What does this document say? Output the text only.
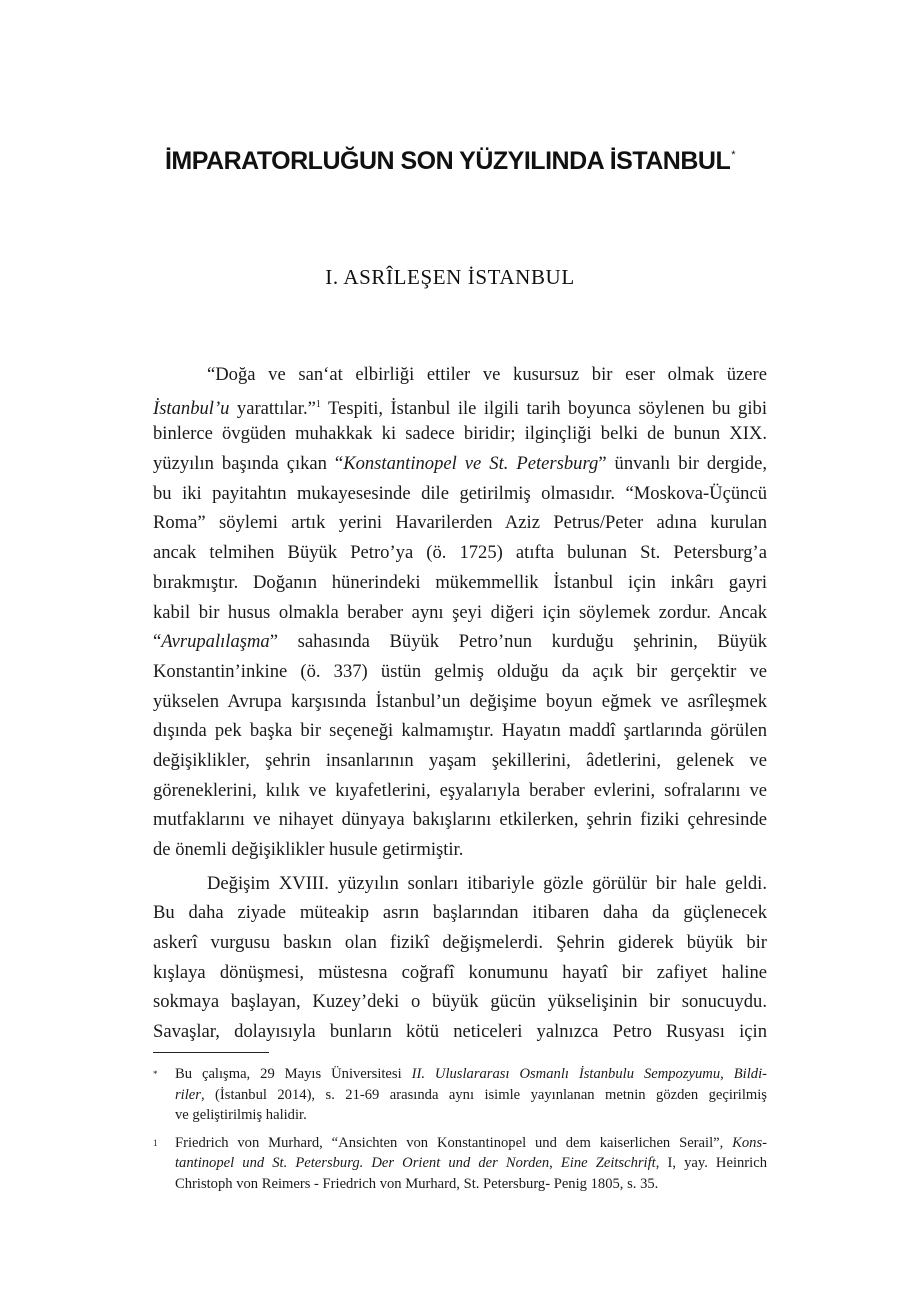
İMPARATORLUĞUN SON YÜZYILINDA İSTANBUL*
I. ASRÎLEŞEN İSTANBUL
“Doğa ve san‘at elbirliği ettiler ve kusursuz bir eser olmak üzere
İstanbul’u yarattılar.”$^1$ Tespiti, İstanbul ile ilgili tarih boyunca söylenen bu gibi
binlerce övgüden muhakkak ki sadece biridir; ilginçliği belki de bunun XIX.
yüzyılın başında çıkan “Konstantinopel ve St. Petersburg” ünvanlı bir dergide,
bu iki payitahtın mukayesesinde dile getirilmiş olmasıdır. “Moskova-Üçüncü
Roma” söylemi artık yerini Havarilerden Aziz Petrus/Peter adına kurulan
ancak telmihen Büyük Petro’ya (ö. 1725) atıfta bulunan St. Petersburg’a
bırakmıştır. Doğanın hünerindeki mükemmellik İstanbul için inkârı gayri
kabil bir husus olmakla beraber aynı şeyi diğeri için söylemek zordur. Ancak
“Avrupalılaşma” sahasında Büyük Petro’nun kurduğu şehrinin, Büyük
Konstantin’inkine (ö. 337) üstün gelmiş olduğu da açık bir gerçektir ve
yükselen Avrupa karşısında İstanbul’un değişime boyun eğmek ve asrîleşmek
dışında pek başka bir seçeneği kalmamıştır. Hayatın maddî şartlarında görülen
değişiklikler, şehrin insanlarının yaşam şekillerini, âdetlerini, gelenek ve
göreneklerini, kılık ve kıyafetlerini, eşyalarıyla beraber evlerini, sofralarını ve
mutfaklarını ve nihayet dünyaya bakışlarını etkilerken, şehrin fiziki çehresinde
de önemli değişiklikler husule getirmiştir.
Değişim XVIII. yüzyılın sonları itibariyle gözle görülür bir hale geldi.
Bu daha ziyade müteakip asrın başlarından itibaren daha da güçlenecek
askerî vurgusu baskın olan fizikî değişmelerdi. Şehrin giderek büyük bir
kışlaya dönüşmesi, müstesna coğrafî konumunu hayatî bir zafiyet haline
sokmaya başlayan, Kuzey’deki o büyük gücün yükselişinin bir sonucuydu.
Savaşlar, dolayısıyla bunların kötü neticeleri yalnızca Petro Rusyası için
* Bu çalışma, 29 Mayıs Üniversitesi II. Uluslararası Osmanlı İstanbulu Sempozyumu, Bildi-
riler, (İstanbul 2014), s. 21-69 arasında aynı isimle yayınlanan metnin gözden geçirilmiş
ve geliştirilmiş halidir.
1 Friedrich von Murhard, “Ansichten von Konstantinopel und dem kaiserlichen Serail”, Kons-
tantinopel und St. Petersburg. Der Orient und der Norden, Eine Zeitschrift, I, yay. Heinrich
Christoph von Reimers - Friedrich von Murhard, St. Petersburg- Penig 1805, s. 35.
